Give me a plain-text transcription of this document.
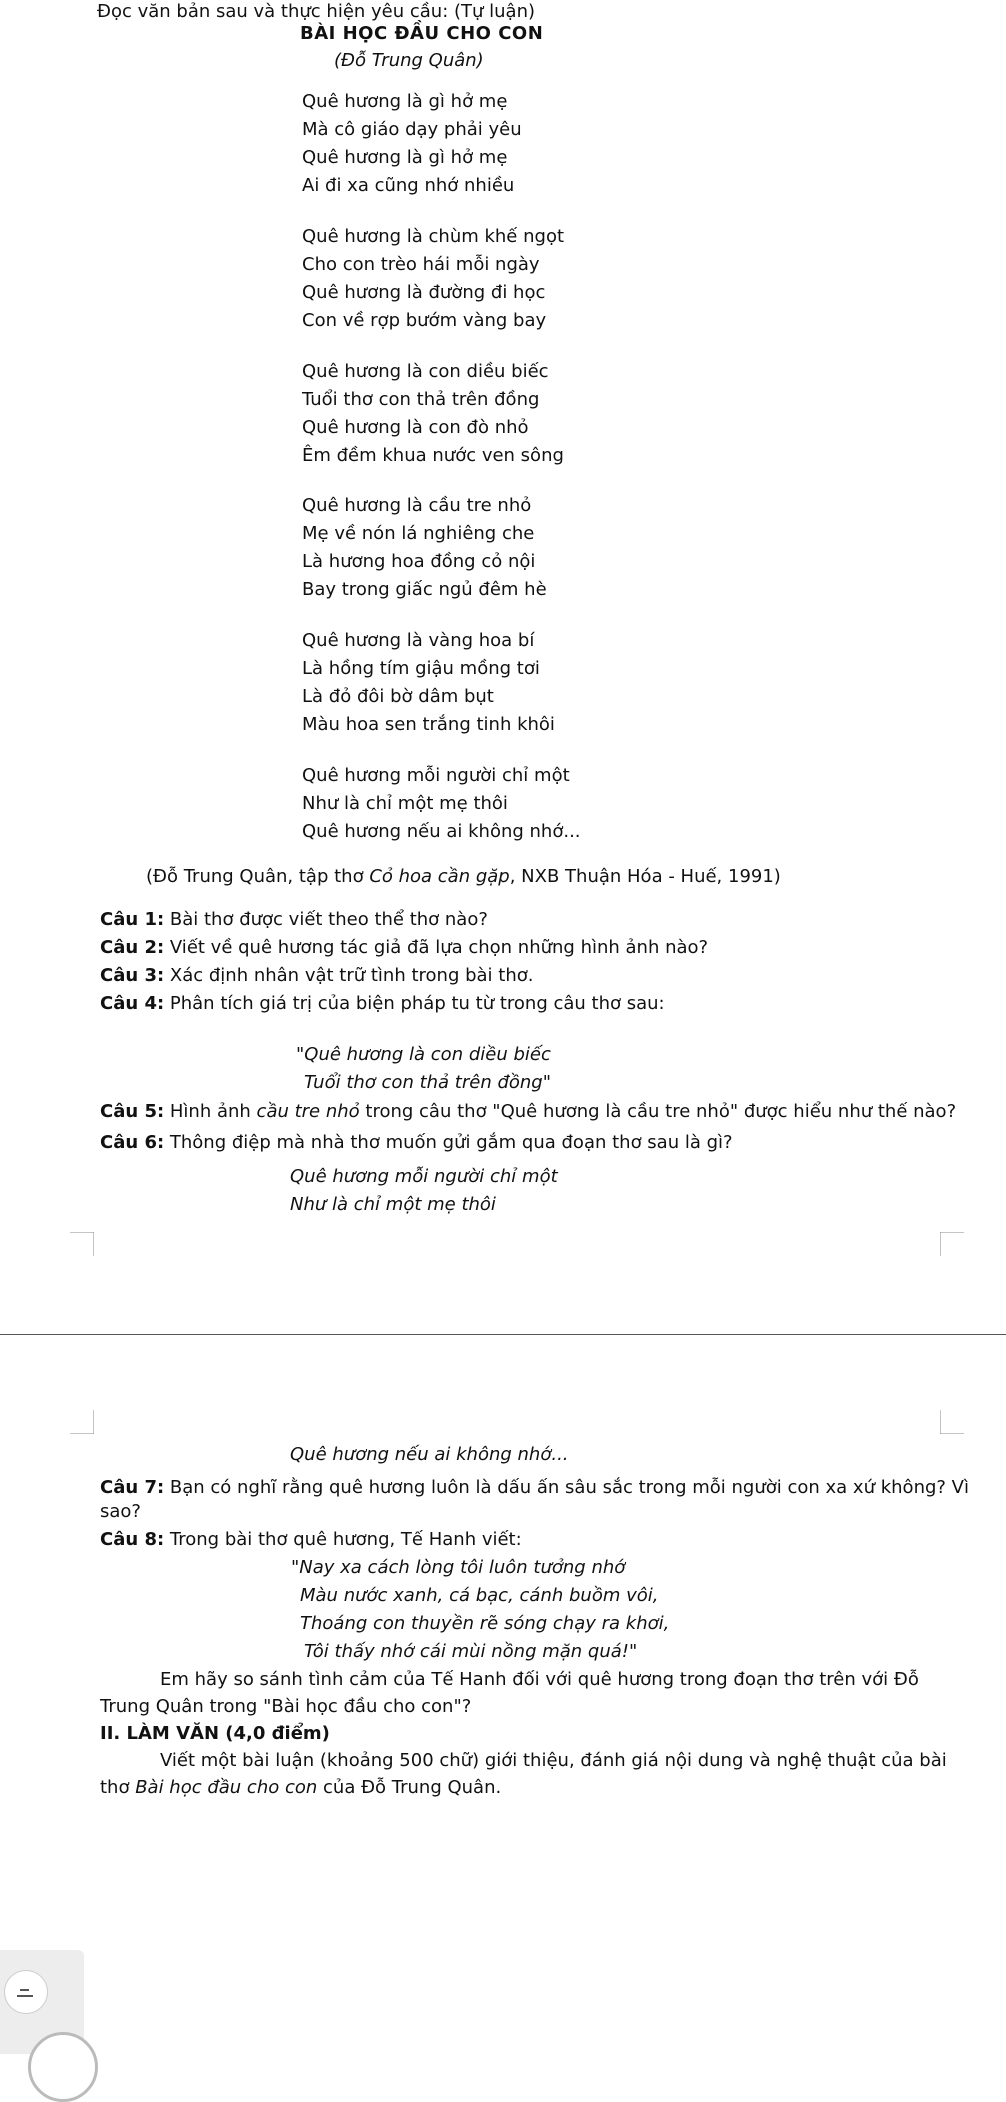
Đọc văn bản sau và thực hiện yêu cầu: (Tự luận)
BÀI HỌC ĐẦU CHO CON
(Đỗ Trung Quân)
Quê hương là gì hở mẹ
Mà cô giáo dạy phải yêu
Quê hương là gì hở mẹ
Ai đi xa cũng nhớ nhiều
Quê hương là chùm khế ngọt
Cho con trèo hái mỗi ngày
Quê hương là đường đi học
Con về rợp bướm vàng bay
Quê hương là con diều biếc
Tuổi thơ con thả trên đồng
Quê hương là con đò nhỏ
Êm đềm khua nước ven sông
Quê hương là cầu tre nhỏ
Mẹ về nón lá nghiêng che
Là hương hoa đồng cỏ nội
Bay trong giấc ngủ đêm hè
Quê hương là vàng hoa bí
Là hồng tím giậu mồng tơi
Là đỏ đôi bờ dâm bụt
Màu hoa sen trắng tinh khôi
Quê hương mỗi người chỉ một
Như là chỉ một mẹ thôi
Quê hương nếu ai không nhớ...
(Đỗ Trung Quân, tập thơ Cỏ hoa cần gặp, NXB Thuận Hóa - Huế, 1991)
Câu 1: Bài thơ được viết theo thể thơ nào?
Câu 2: Viết về quê hương tác giả đã lựa chọn những hình ảnh nào?
Câu 3: Xác định nhân vật trữ tình trong bài thơ.
Câu 4: Phân tích giá trị của biện pháp tu từ trong câu thơ sau:
"Quê hương là con diều biếc
Tuổi thơ con thả trên đồng"
Câu 5: Hình ảnh cầu tre nhỏ trong câu thơ "Quê hương là cầu tre nhỏ" được hiểu như thế nào?
Câu 6: Thông điệp mà nhà thơ muốn gửi gắm qua đoạn thơ sau là gì?
Quê hương mỗi người chỉ một
Như là chỉ một mẹ thôi
Quê hương nếu ai không nhớ...
Câu 7: Bạn có nghĩ rằng quê hương luôn là dấu ấn sâu sắc trong mỗi người con xa xứ không? Vì
sao?
Câu 8: Trong bài thơ quê hương, Tế Hanh viết:
"Nay xa cách lòng tôi luôn tưởng nhớ
Màu nước xanh, cá bạc, cánh buồm vôi,
Thoáng con thuyền rẽ sóng chạy ra khơi,
Tôi thấy nhớ cái mùi nồng mặn quá!"
Em hãy so sánh tình cảm của Tế Hanh đối với quê hương trong đoạn thơ trên với Đỗ
Trung Quân trong "Bài học đầu cho con"?
II. LÀM VĂN (4,0 điểm)
Viết một bài luận (khoảng 500 chữ) giới thiệu, đánh giá nội dung và nghệ thuật của bài
thơ Bài học đầu cho con của Đỗ Trung Quân.
